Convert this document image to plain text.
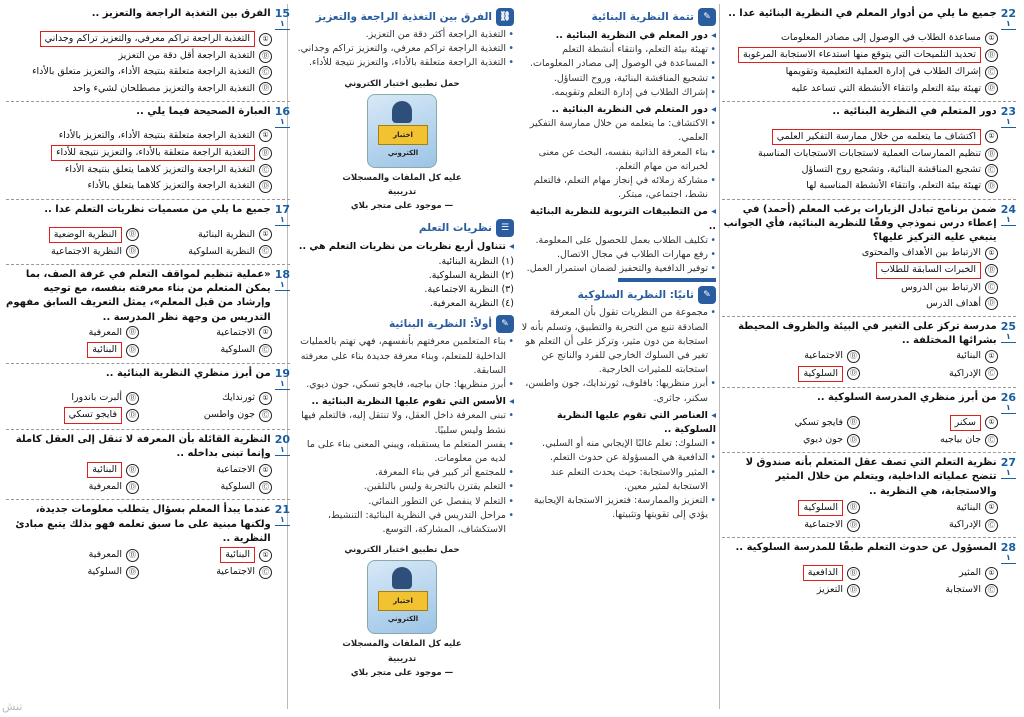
22 ١
جميع ما يلي من أدوار المعلم في النظرية البنائية عدا ..
①
مساعدة الطلاب في الوصول إلى مصادر المعلومات
Ⓑ
تحديد التلميحات التي يتوقع منها استدعاء الاستجابة المرغوبة
Ⓒ
إشراك الطلاب في إدارة العملية التعليمية وتقويمها
Ⓓ
تهيئة بيئة التعلم وانتقاء الأنشطة التي تساعد عليه
23 ١
دور المتعلم في النظرية البنائية ..
①
اكتشاف ما يتعلمه من خلال ممارسة التفكير العلمي
Ⓑ
تنظيم الممارسات العملية لاستجابات الاستجابات المناسبة
Ⓒ
تشجيع المناقشة البنائية، وتشجيع روح التساؤل
Ⓓ
تهيئة بيئة التعلم، وانتقاء الأنشطة المناسبة لها
24 ١
ضمن برنامج تبادل الزيارات يرغب المعلم (أحمد) في إعطاء درس نموذجي وفقًا للنظرية البنائية، فأي الجوانب ينبغي عليه التركيز عليها؟
①
الارتباط بين الأهداف والمحتوى
Ⓑ
الخبرات السابقة للطلاب
Ⓒ
الارتباط بين الدروس
Ⓓ
أهداف الدرس
25 ١
مدرسة تركز على التغير في البيئة والظروف المحيطة بشرائها المختلفة ..
①
البنائية
Ⓑ
الاجتماعية
Ⓒ
الإدراكية
Ⓓ
السلوكية
26 ١
من أبرز منظري المدرسة السلوكية ..
①
سكنر
Ⓑ
فايجو تسكي
Ⓒ
جان بياجيه
Ⓓ
جون ديوي
27 ١
نظرية التعلم التي تصف عقل المتعلم بأنه صندوق لا تتضح عملياته الداخلية، ويتعلم من خلال المثير والاستجابة، هي النظرية ..
①
البنائية
Ⓑ
السلوكية
Ⓒ
الإدراكية
Ⓓ
الاجتماعية
28 ١
المسؤول عن حدوث التعلم طبقًا للمدرسة السلوكية ..
①
المثير
Ⓑ
الدافعية
Ⓒ
الاستجابة
Ⓓ
التعزيز
✎
تتمة النظرية البنائية
◂ دور المعلم في النظرية البنائية ..
• تهيئة بيئة التعلم، وانتقاء أنشطة التعلم
• المساعدة في الوصول إلى مصادر المعلومات.
• تشجيع المناقشة البنائية، وروح التساؤل.
• إشراك الطلاب في إدارة التعلم وتقويمه.
◂ دور المتعلم في النظرية البنائية ..
• الاكتشاف: ما يتعلمه من خلال ممارسة التفكير العلمي.
• بناء المعرفة الذاتية بنفسه، البحث عن معنى لخبراته من مهام التعلم.
• مشاركة زملائه في إنجاز مهام التعلم، فالتعلم نشط، اجتماعي، مبتكر.
◂ من التطبيقات التربوية للنظرية البنائية ..
• تكليف الطلاب بعمل للحصول على المعلومة.
• رفع مهارات الطلاب في مجال الاتصال.
• توفير الدافعية والتحفيز لضمان استمرار العمل.
✎
ثانيًا: النظرية السلوكية
• مجموعة من النظريات تقول بأن المعرفة الصادقة تنبع من التجربة والتطبيق، وتسلم بأنه لا استجابة من دون مثير، وتركز على أن التعلم هو تغير في السلوك الخارجي للفرد والناتج عن استجابته للمثيرات الخارجية.
• أبرز منظريها: بافلوف، ثورندايك، جون واطسن، سكنر، جاثري.
◂ العناصر التي تقوم عليها النظرية السلوكية ..
• السلوك: تعلم غالبًا الإيجابي منه أو السلبي.
• الدافعية هي المسؤولة عن حدوث التعلم.
• المثير والاستجابة: حيث يحدث التعلم عند الاستجابة لمثير معين.
• التعزيز والممارسة: فتعزيز الاستجابة الإيجابية يؤدي إلى تقويتها وتثبيتها.
⛓
الفرق بين التغذية الراجعة والتعزيز
• التغذية الراجعة أكثر دقة من التعزيز.
• التغذية الراجعة تراكم معرفي، والتعزيز تراكم وجداني.
• التغذية الراجعة متعلقة بالأداء، والتعزيز نتيجة للأداء.
حمل تطبيق اختبار الكتروني
اختبار الكتروني
عليه كل الملفات والمسجلات تدريبية
— موجود على متجر بلاي
☰
نظريات التعلم
◂ تتناول أربع نظريات من نظريات التعلم هي ..
(١) النظرية البنائية.
(٢) النظرية السلوكية.
(٣) النظرية الاجتماعية.
(٤) النظرية المعرفية.
✎
أولاً: النظرية البنائية
• بناء المتعلمين معرفتهم بأنفسهم، فهي تهتم بالعمليات الداخلية للمتعلم، وبناء معرفة جديدة بناء على معرفته السابقة.
• أبرز منظريها: جان بياجيه، فايجو تسكي، جون ديوي.
◂ الأسس التي تقوم عليها النظرية البنائية ..
• تبنى المعرفة داخل العقل، ولا تنتقل إليه، فالتعلم فيها نشط وليس سلبيًا.
• يفسر المتعلم ما يستقبله، ويبني المعنى بناء على ما لديه من معلومات.
• للمجتمع أثر كبير في بناء المعرفة.
• التعلم يقترن بالتجربة وليس بالتلقين.
• التعلم لا ينفصل عن التطور النمائي.
• مراحل التدريس في النظرية البنائية: التنشيط، الاستكشاف، المشاركة، التوسع.
حمل تطبيق اختبار الكتروني
اختبار الكتروني
عليه كل الملفات والمسجلات تدريبية
— موجود على متجر بلاي
15 ١
الفرق بين التغذية الراجعة والتعزيز ..
①
التغذية الراجعة تراكم معرفي، والتعزيز تراكم وجداني
Ⓑ
التغذية الراجعة أقل دقة من التعزيز
Ⓒ
التغذية الراجعة متعلقة بنتيجة الأداء، والتعزيز متعلق بالأداء
Ⓓ
التغذية الراجعة والتعزيز مصطلحان لشيء واحد
16 ١
العبارة الصحيحة فيما يلي ..
①
التغذية الراجعة متعلقة بنتيجة الأداء، والتعزيز بالأداء
Ⓑ
التغذية الراجعة متعلقة بالأداء، والتعزيز نتيجة للأداء
Ⓒ
التغذية الراجعة والتعزيز كلاهما يتعلق بنتيجة الأداء
Ⓓ
التغذية الراجعة والتعزيز كلاهما يتعلق بالأداء
17 ١
جميع ما يلي من مسميات نظريات التعلم عدا ..
①
النظرية البنائية
Ⓑ
النظرية الوضعية
Ⓒ
النظرية السلوكية
Ⓓ
النظرية الاجتماعية
18 ١
«عملية تنظيم لمواقف التعلم في غرفة الصف، بما يمكن المتعلم من بناء معرفته بنفسه، مع توجيه وإرشاد من قبل المعلم»، يمثل التعريف السابق مفهوم التدريس من وجهة نظر المدرسة ..
①
الاجتماعية
Ⓑ
المعرفية
Ⓒ
السلوكية
Ⓓ
البنائية
19 ١
من أبرز منظري النظرية البنائية ..
①
ثورندايك
Ⓑ
ألبرت باندورا
Ⓒ
جون واطسن
Ⓓ
فايجو تسكي
20 ١
النظرية القائلة بأن المعرفة لا تنقل إلى العقل كاملة وإنما تبنى بداخله ..
①
الاجتماعية
Ⓑ
البنائية
Ⓒ
السلوكية
Ⓓ
المعرفية
21 ١
عندما يبدأ المعلم بسؤال يتطلب معلومات جديدة، ولكنها مبنية على ما سبق تعلمه فهو بذلك يتبع مبادئ النظرية ..
①
البنائية
Ⓑ
المعرفية
Ⓒ
الاجتماعية
Ⓓ
السلوكية
تنش
